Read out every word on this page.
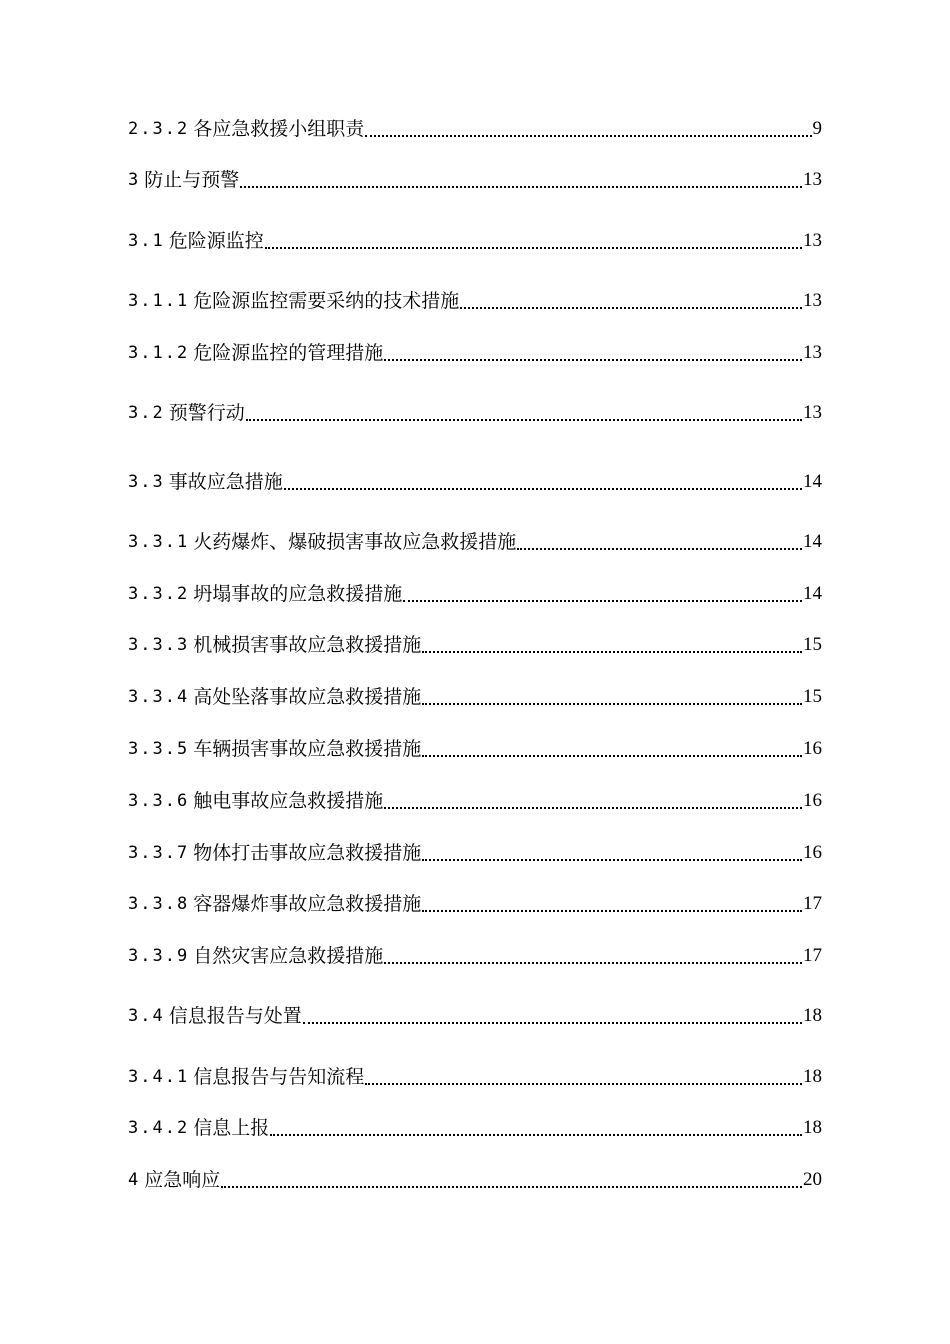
2.3.2 各应急救援小组职责	9
3 防止与预警	13
3.1 危险源监控	13
3.1.1 危险源监控需要采纳的技术措施	13
3.1.2 危险源监控的管理措施	13
3.2 预警行动	13
3.3 事故应急措施	14
3.3.1 火药爆炸、爆破损害事故应急救援措施	14
3.3.2 坍塌事故的应急救援措施	14
3.3.3 机械损害事故应急救援措施	15
3.3.4 高处坠落事故应急救援措施	15
3.3.5 车辆损害事故应急救援措施	16
3.3.6 触电事故应急救援措施	16
3.3.7 物体打击事故应急救援措施	16
3.3.8 容器爆炸事故应急救援措施	17
3.3.9 自然灾害应急救援措施	17
3.4 信息报告与处置	18
3.4.1 信息报告与告知流程	18
3.4.2 信息上报	18
4 应急响应	20
